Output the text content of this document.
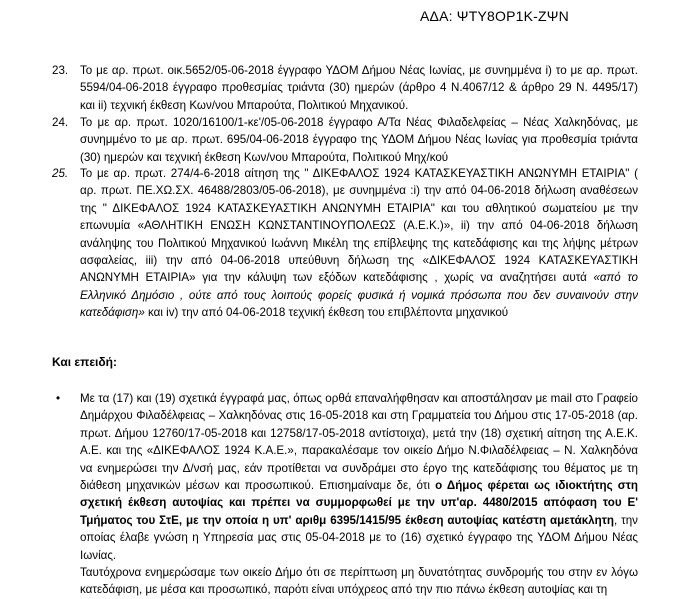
ΑΔΑ: ΨΤΥ8ΟΡ1Κ-ΖΨΝ
23. Το με αρ. πρωτ. οικ.5652/05-06-2018 έγγραφο ΥΔΟΜ Δήμου Νέας Ιωνίας, με συνημμένα i) το με αρ. πρωτ. 5594/04-06-2018 έγγραφο προθεσμίας τριάντα (30) ημερών (άρθρο 4 Ν.4067/12 & άρθρο 29 Ν. 4495/17) και ii) τεχνική έκθεση Κων/νου Μπαρούτα, Πολιτικού Μηχανικού.
24. Το με αρ. πρωτ. 1020/16100/1-κε'/05-06-2018 έγγραφο Α/Τα Νέας Φιλαδελφείας – Νέας Χαλκηδόνας, με συνημμένο το με αρ. πρωτ. 695/04-06-2018 έγγραφο της ΥΔΟΜ Δήμου Νέας Ιωνίας για προθεσμία τριάντα (30) ημερών και τεχνική έκθεση Κων/νου Μπαρούτα, Πολιτικού Μηχ/κού
25. Το με αρ. πρωτ. 274/4-6-2018 αίτηση της " ΔΙΚΕΦΑΛΟΣ 1924 ΚΑΤΑΣΚΕΥΑΣΤΙΚΗ ΑΝΩΝΥΜΗ ΕΤΑΙΡΙΑ" ( αρ. πρωτ. ΠΕ.ΧΩ.ΣΧ. 46488/2803/05-06-2018), με συνημμένα :i) την από 04-06-2018 δήλωση αναθέσεων της " ΔΙΚΕΦΑΛΟΣ 1924 ΚΑΤΑΣΚΕΥΑΣΤΙΚΗ ΑΝΩΝΥΜΗ ΕΤΑΙΡΙΑ" και του αθλητικού σωματείου με την επωνυμία «ΑΘΛΗΤΙΚΗ ΕΝΩΣΗ ΚΩΝΣΤΑΝΤΙΝΟΥΠΟΛΕΩΣ (Α.Ε.Κ.)», ii) την από 04-06-2018 δήλωση ανάληψης του Πολιτικού Μηχανικού Ιωάννη Μικέλη της επίβλεψης της κατεδάφισης και της λήψης μέτρων ασφαλείας, iii) την από 04-06-2018 υπεύθυνη δήλωση της «ΔΙΚΕΦΑΛΟΣ 1924 ΚΑΤΑΣΚΕΥΑΣΤΙΚΗ ΑΝΩΝΥΜΗ ΕΤΑΙΡΙΑ» για την κάλυψη των εξόδων κατεδάφισης , χωρίς να αναζητήσει αυτά «από το Ελληνικό Δημόσιο , ούτε από τους λοιπούς φορείς φυσικά ή νομικά πρόσωπα που δεν συναινούν στην κατεδάφιση» και iv) την από 04-06-2018 τεχνική έκθεση του επιβλέποντα μηχανικού
Και επειδή:
• Με τα (17) και (19) σχετικά έγγραφά μας, όπως ορθά επαναλήφθησαν και αποστάλησαν με mail στο Γραφείο Δημάρχου Φιλαδέλφειας – Χαλκηδόνας στις 16-05-2018 και στη Γραμματεία του Δήμου στις 17-05-2018 (αρ. πρωτ. Δήμου 12760/17-05-2018 και 12758/17-05-2018 αντίστοιχα), μετά την (18) σχετική αίτηση της Α.Ε.Κ. Α.Ε. και της «ΔΙΚΕΦΑΛΟΣ 1924 Κ.Α.Ε.», παρακαλέσαμε τον οικείο Δήμο Ν.Φιλαδέλφειας – Ν. Χαλκηδόνα να ενημερώσει την Δ/νσή μας, εάν προτίθεται να συνδράμει στο έργο της κατεδάφισης του θέματος με τη διάθεση μηχανικών μέσων και προσωπικού. Επισημαίναμε δε, ότι ο Δήμος φέρεται ως ιδιοκτήτης στη σχετική έκθεση αυτοψίας και πρέπει να συμμορφωθεί με την υπ'αρ. 4480/2015 απόφαση του Ε' Τμήματος του ΣτΕ, με την οποία η υπ' αριθμ 6395/1415/95 έκθεση αυτοψίας κατέστη αμετάκλητη, την οποίας έλαβε γνώση η Υπηρεσία μας στις 05-04-2018 με το (16) σχετικό έγγραφο της ΥΔΟΜ Δήμου Νέας Ιωνίας.
Ταυτόχρονα ενημερώσαμε των οικείο Δήμο ότι σε περίπτωση μη δυνατότητας συνδρομής του στην εν λόγω κατεδάφιση, με μέσα και προσωπικό, παρότι είναι υπόχρεος από την πιο πάνω έκθεση αυτοψίας και τη
